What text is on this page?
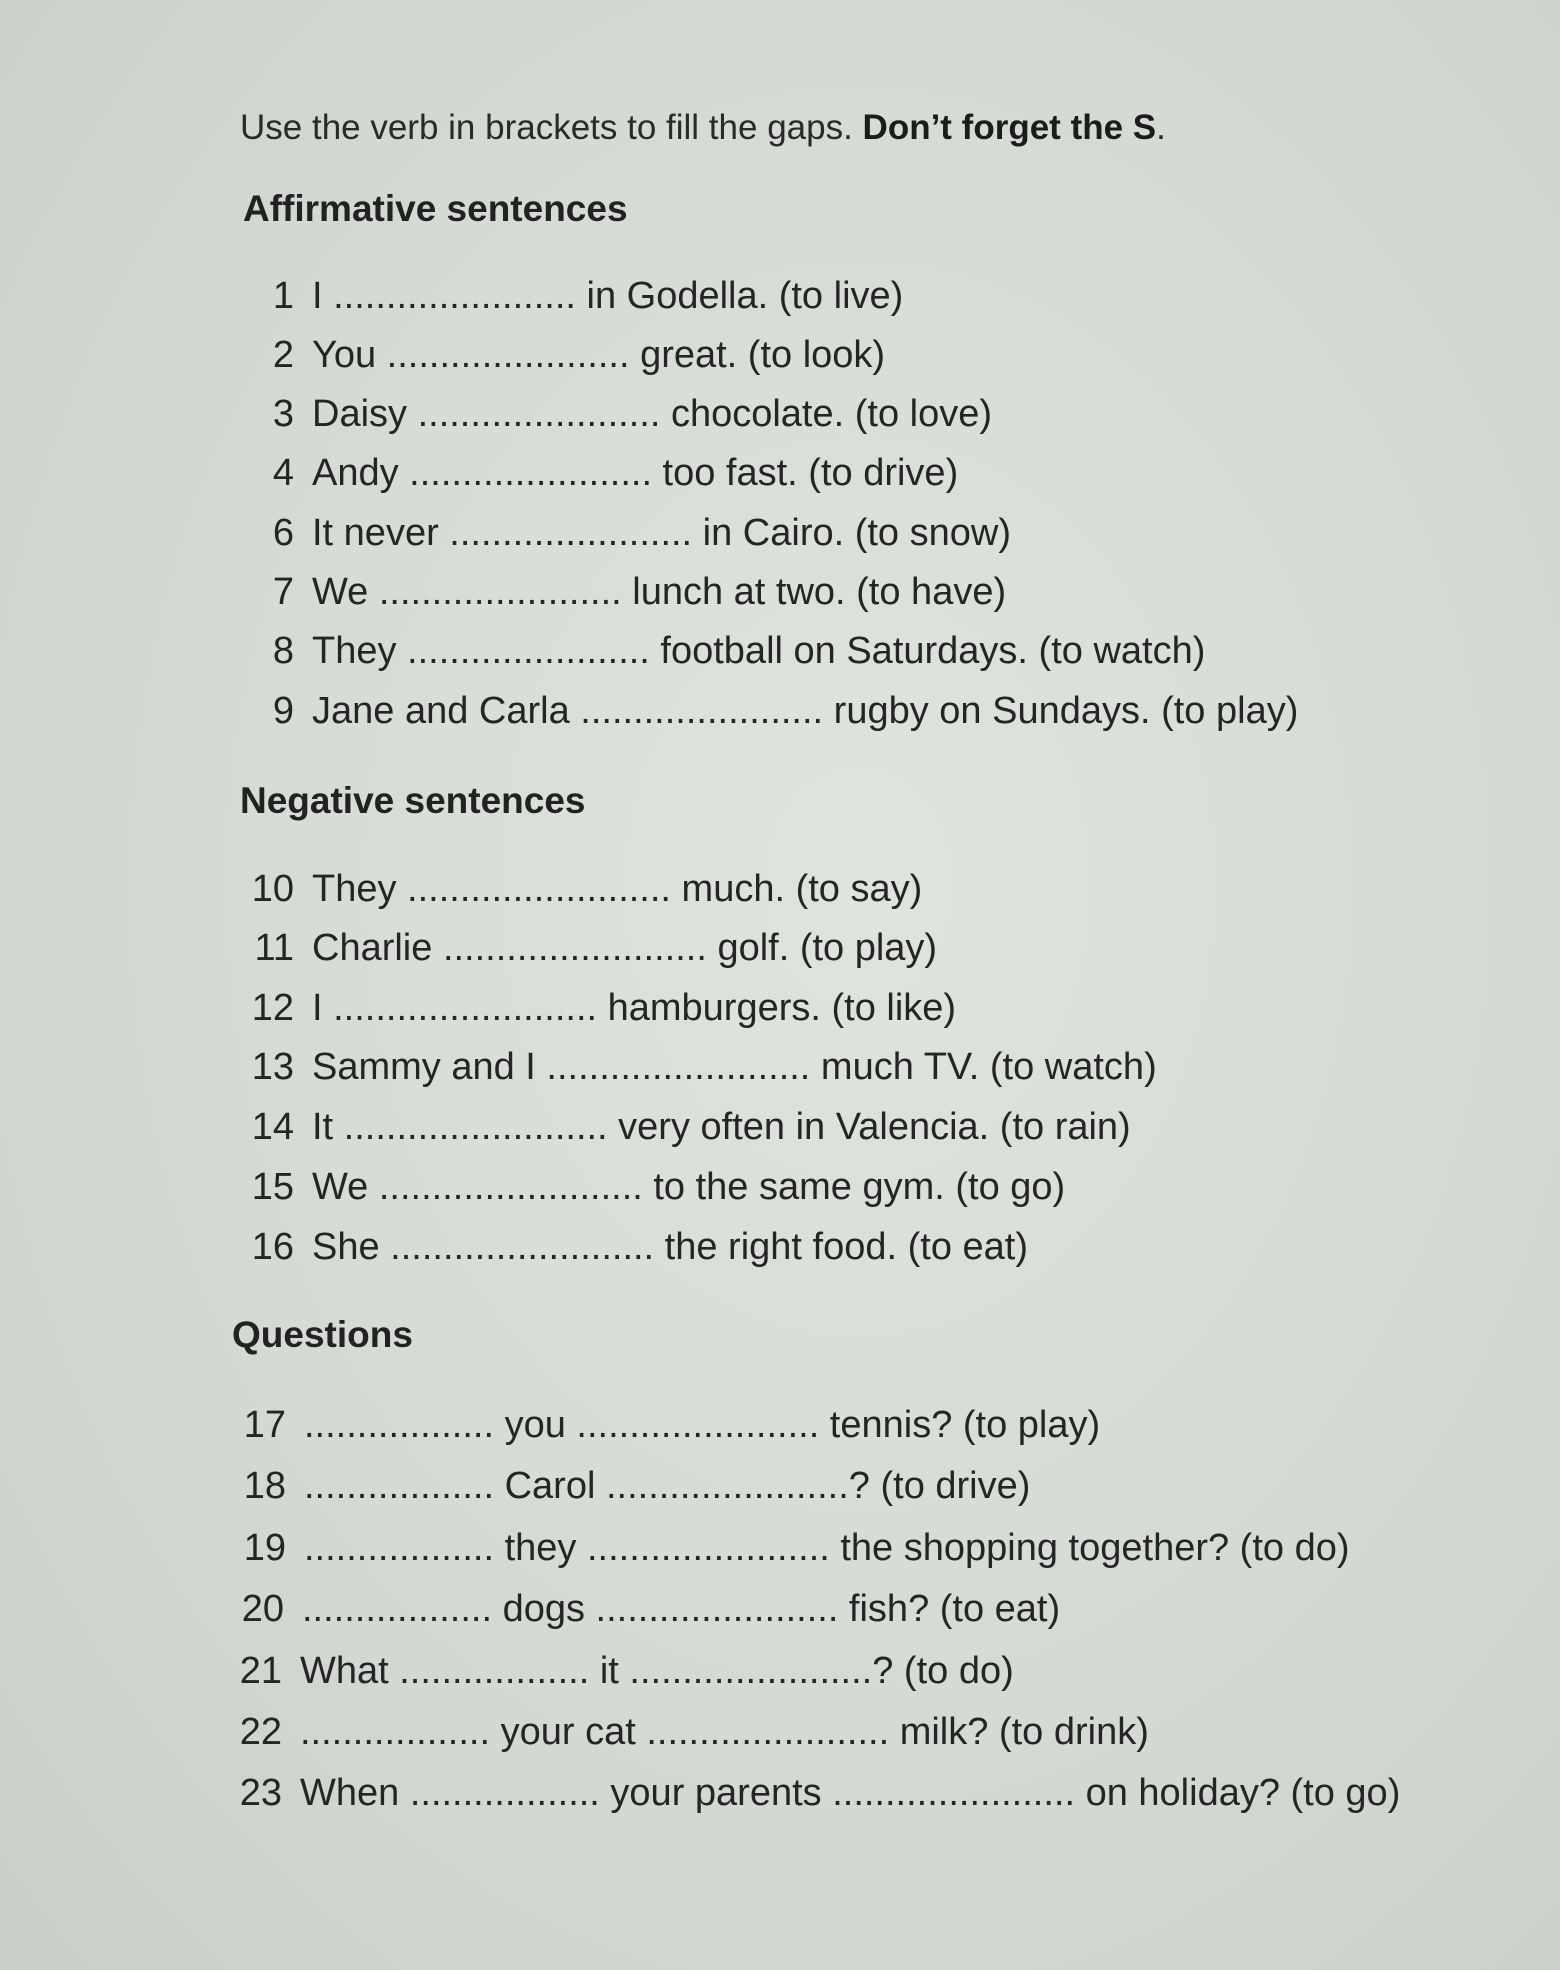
Use the verb in brackets to fill the gaps. Don’t forget the S.
Affirmative sentences
1 I ....................... in Godella. (to live)
2 You ....................... great. (to look)
3 Daisy ....................... chocolate. (to love)
4 Andy ....................... too fast. (to drive)
6 It never ....................... in Cairo. (to snow)
7 We ....................... lunch at two. (to have)
8 They ....................... football on Saturdays. (to watch)
9 Jane and Carla ....................... rugby on Sundays. (to play)
Negative sentences
10 They ......................... much. (to say)
11 Charlie ......................... golf. (to play)
12 I ......................... hamburgers. (to like)
13 Sammy and I ......................... much TV. (to watch)
14 It ......................... very often in Valencia. (to rain)
15 We ......................... to the same gym. (to go)
16 She ......................... the right food. (to eat)
Questions
17 .................. you ....................... tennis? (to play)
18 .................. Carol .......................? (to drive)
19 .................. they ....................... the shopping together? (to do)
20 .................. dogs ....................... fish? (to eat)
21 What .................. it .......................? (to do)
22 .................. your cat ....................... milk? (to drink)
23 When .................. your parents ....................... on holiday? (to go)
